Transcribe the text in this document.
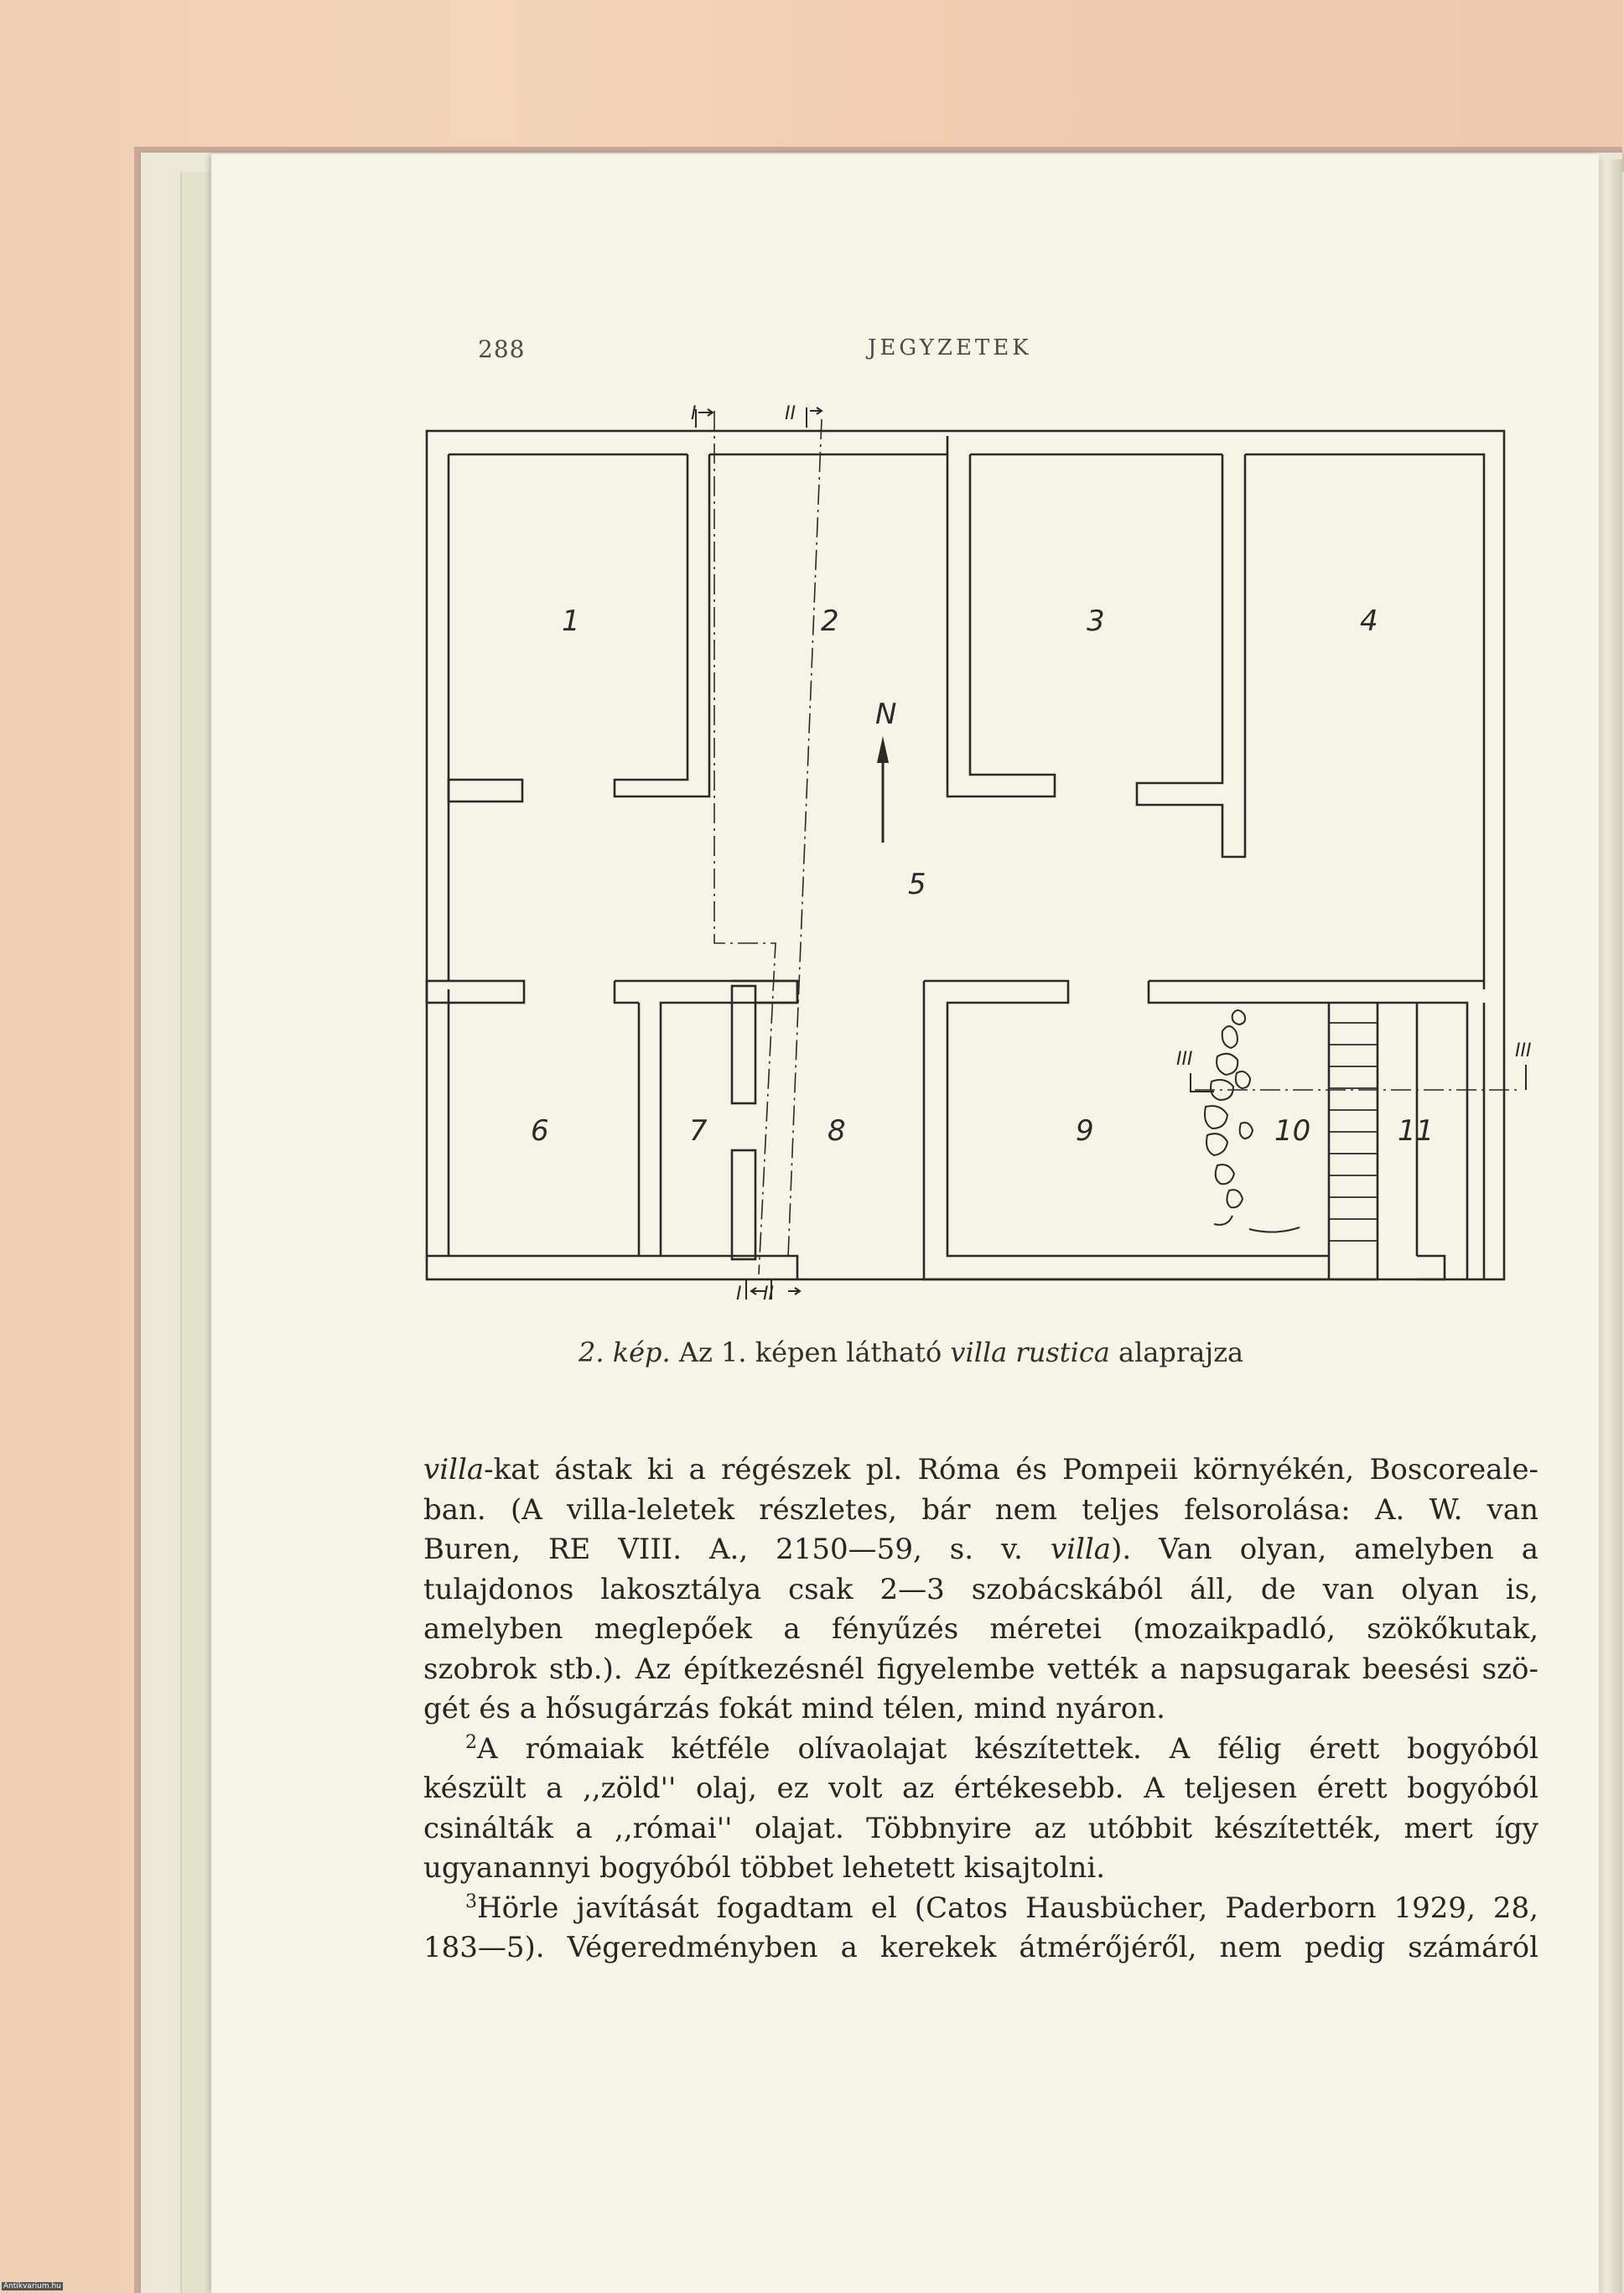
288	JEGYZETEK
N
1	2	3	4
5
6	7	8	9	10	11
I	II
I II
III	III
2. kép. Az 1. képen látható villa rustica alaprajza
villa-kat ástak ki a régészek pl. Róma és Pompeii környékén, Boscoreale-
ban. (A villa-leletek részletes, bár nem teljes felsorolása: A. W. van
Buren, RE VIII. A., 2150—59, s. v. villa). Van olyan, amelyben a
tulajdonos lakosztálya csak 2—3 szobácskából áll, de van olyan is,
amelyben meglepőek a fényűzés méretei (mozaikpadló, szökőkutak,
szobrok stb.). Az építkezésnél figyelembe vették a napsugarak beesési szö-
gét és a hősugárzás fokát mind télen, mind nyáron.
$^2$A rómaiak kétféle olívaolajat készítettek. A félig érett bogyóból
készült a ,,zöld'' olaj, ez volt az értékesebb. A teljesen érett bogyóból
csinálták a ,,római'' olajat. Többnyire az utóbbit készítették, mert így
ugyanannyi bogyóból többet lehetett kisajtolni.
$^3$Hörle javítását fogadtam el (Catos Hausbücher, Paderborn 1929, 28,
183—5). Végeredményben a kerekek átmérőjéről, nem pedig számáról
Antikvarium.hu
